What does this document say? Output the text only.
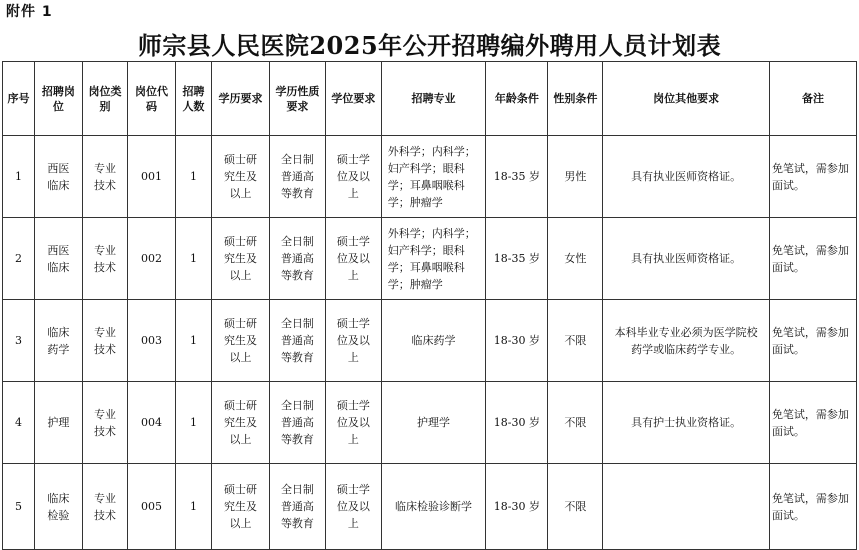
附件 1
师宗县人民医院2025年公开招聘编外聘用人员计划表
序号	招聘岗位	岗位类别	岗位代码	招聘人数	学历要求	学历性质要求	学位要求	招聘专业	年龄条件	性别条件	岗位其他要求	备注
1	西医临床	专业技术	001	1	硕士研究生及以上	全日制普通高等教育	硕士学位及以上	外科学；内科学；妇产科学；眼科学；耳鼻咽喉科学；肿瘤学	18-35 岁	男性	具有执业医师资格证。	免笔试，需参加面试。
2	西医临床	专业技术	002	1	硕士研究生及以上	全日制普通高等教育	硕士学位及以上	外科学；内科学；妇产科学；眼科学；耳鼻咽喉科学；肿瘤学	18-35 岁	女性	具有执业医师资格证。	免笔试，需参加面试。
3	临床药学	专业技术	003	1	硕士研究生及以上	全日制普通高等教育	硕士学位及以上	临床药学	18-30 岁	不限	本科毕业专业必须为医学院校药学或临床药学专业。	免笔试，需参加面试。
4	护理	专业技术	004	1	硕士研究生及以上	全日制普通高等教育	硕士学位及以上	护理学	18-30 岁	不限	具有护士执业资格证。	免笔试，需参加面试。
5	临床检验	专业技术	005	1	硕士研究生及以上	全日制普通高等教育	硕士学位及以上	临床检验诊断学	18-30 岁	不限		免笔试，需参加面试。
